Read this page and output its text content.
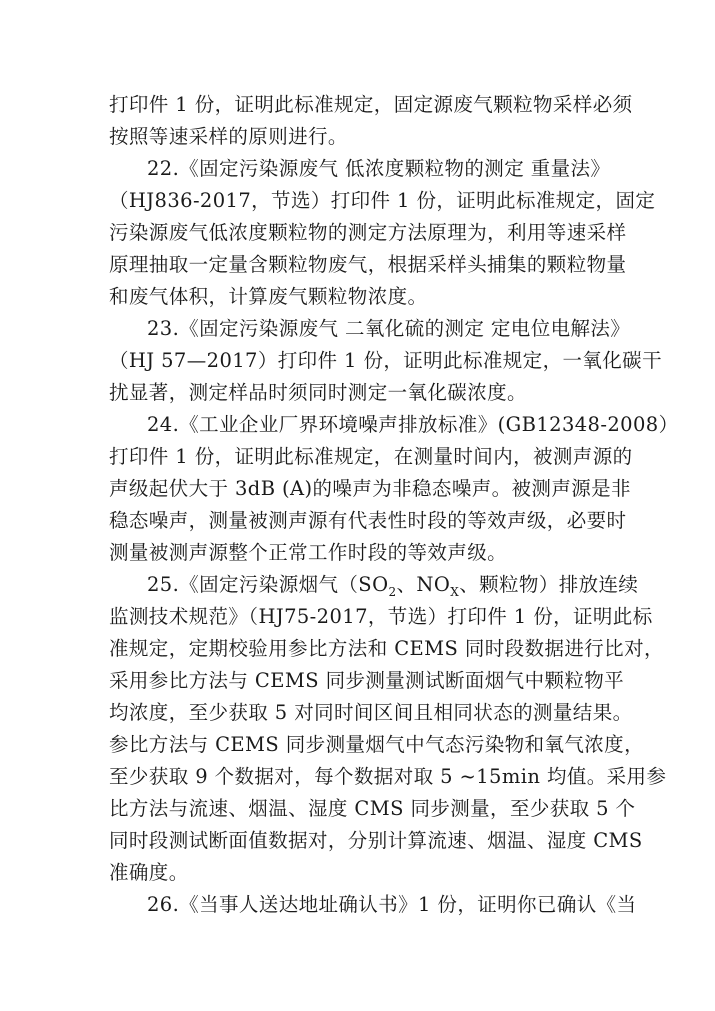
打印件 1 份，证明此标准规定，固定源废气颗粒物采样必须
按照等速采样的原则进行。
22.《固定污染源废气 低浓度颗粒物的测定 重量法》
（HJ836-2017，节选）打印件 1 份，证明此标准规定，固定
污染源废气低浓度颗粒物的测定方法原理为，利用等速采样
原理抽取一定量含颗粒物废气，根据采样头捕集的颗粒物量
和废气体积，计算废气颗粒物浓度。
23.《固定污染源废气 二氧化硫的测定 定电位电解法》
（HJ 57—2017）打印件 1 份，证明此标准规定，一氧化碳干
扰显著，测定样品时须同时测定一氧化碳浓度。
24.《工业企业厂界环境噪声排放标准》(GB12348-2008）
打印件 1 份，证明此标准规定，在测量时间内，被测声源的
声级起伏大于 3dB (A)的噪声为非稳态噪声。被测声源是非
稳态噪声，测量被测声源有代表性时段的等效声级，必要时
测量被测声源整个正常工作时段的等效声级。
25.《固定污染源烟气（$SO_2$、$NO_X$、颗粒物）排放连续
监测技术规范》（HJ75-2017，节选）打印件 1 份，证明此标
准规定，定期校验用参比方法和 CEMS 同时段数据进行比对，
采用参比方法与 CEMS 同步测量测试断面烟气中颗粒物平
均浓度，至少获取 5 对同时间区间且相同状态的测量结果。
参比方法与 CEMS 同步测量烟气中气态污染物和氧气浓度，
至少获取 9 个数据对，每个数据对取 5 ~15min 均值。采用参
比方法与流速、烟温、湿度 CMS 同步测量，至少获取 5 个
同时段测试断面值数据对，分别计算流速、烟温、湿度 CMS
准确度。
26.《当事人送达地址确认书》1 份，证明你已确认《当
